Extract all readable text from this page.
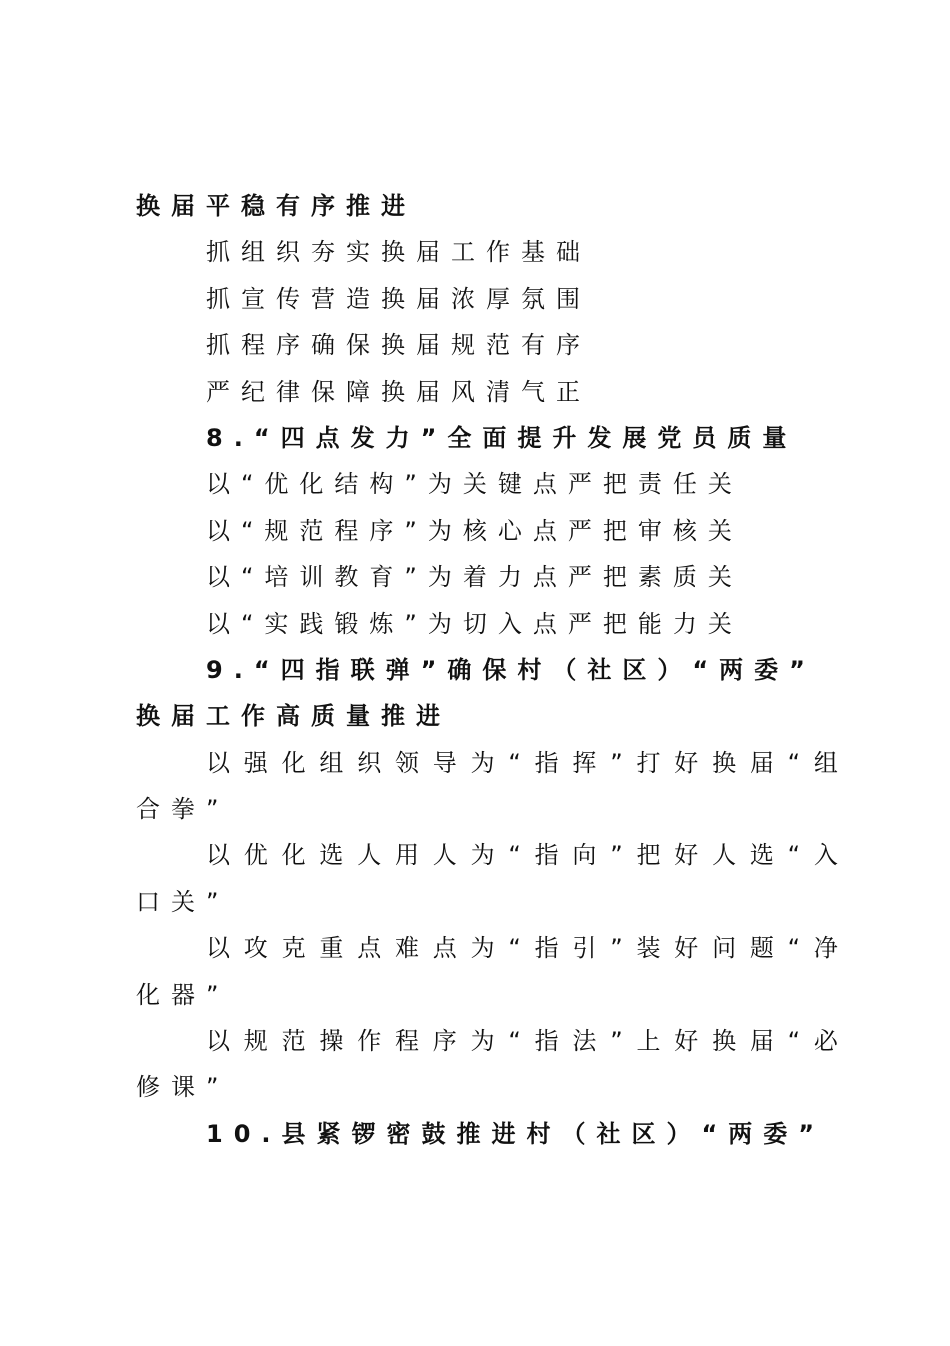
换届平稳有序推进
抓组织夯实换届工作基础
抓宣传营造换届浓厚氛围
抓程序确保换届规范有序
严纪律保障换届风清气正
8.“四点发力”全面提升发展党员质量
以“优化结构”为关键点严把责任关
以“规范程序”为核心点严把审核关
以“培训教育”为着力点严把素质关
以“实践锻炼”为切入点严把能力关
9.“四指联弹”确保村（社区）“两委”
换届工作高质量推进
以强化组织领导为“指挥”打好换届“组
合拳”
以优化选人用人为“指向”把好人选“入
口关”
以攻克重点难点为“指引”装好问题“净
化器”
以规范操作程序为“指法”上好换届“必
修课”
10.县紧锣密鼓推进村（社区）“两委”
